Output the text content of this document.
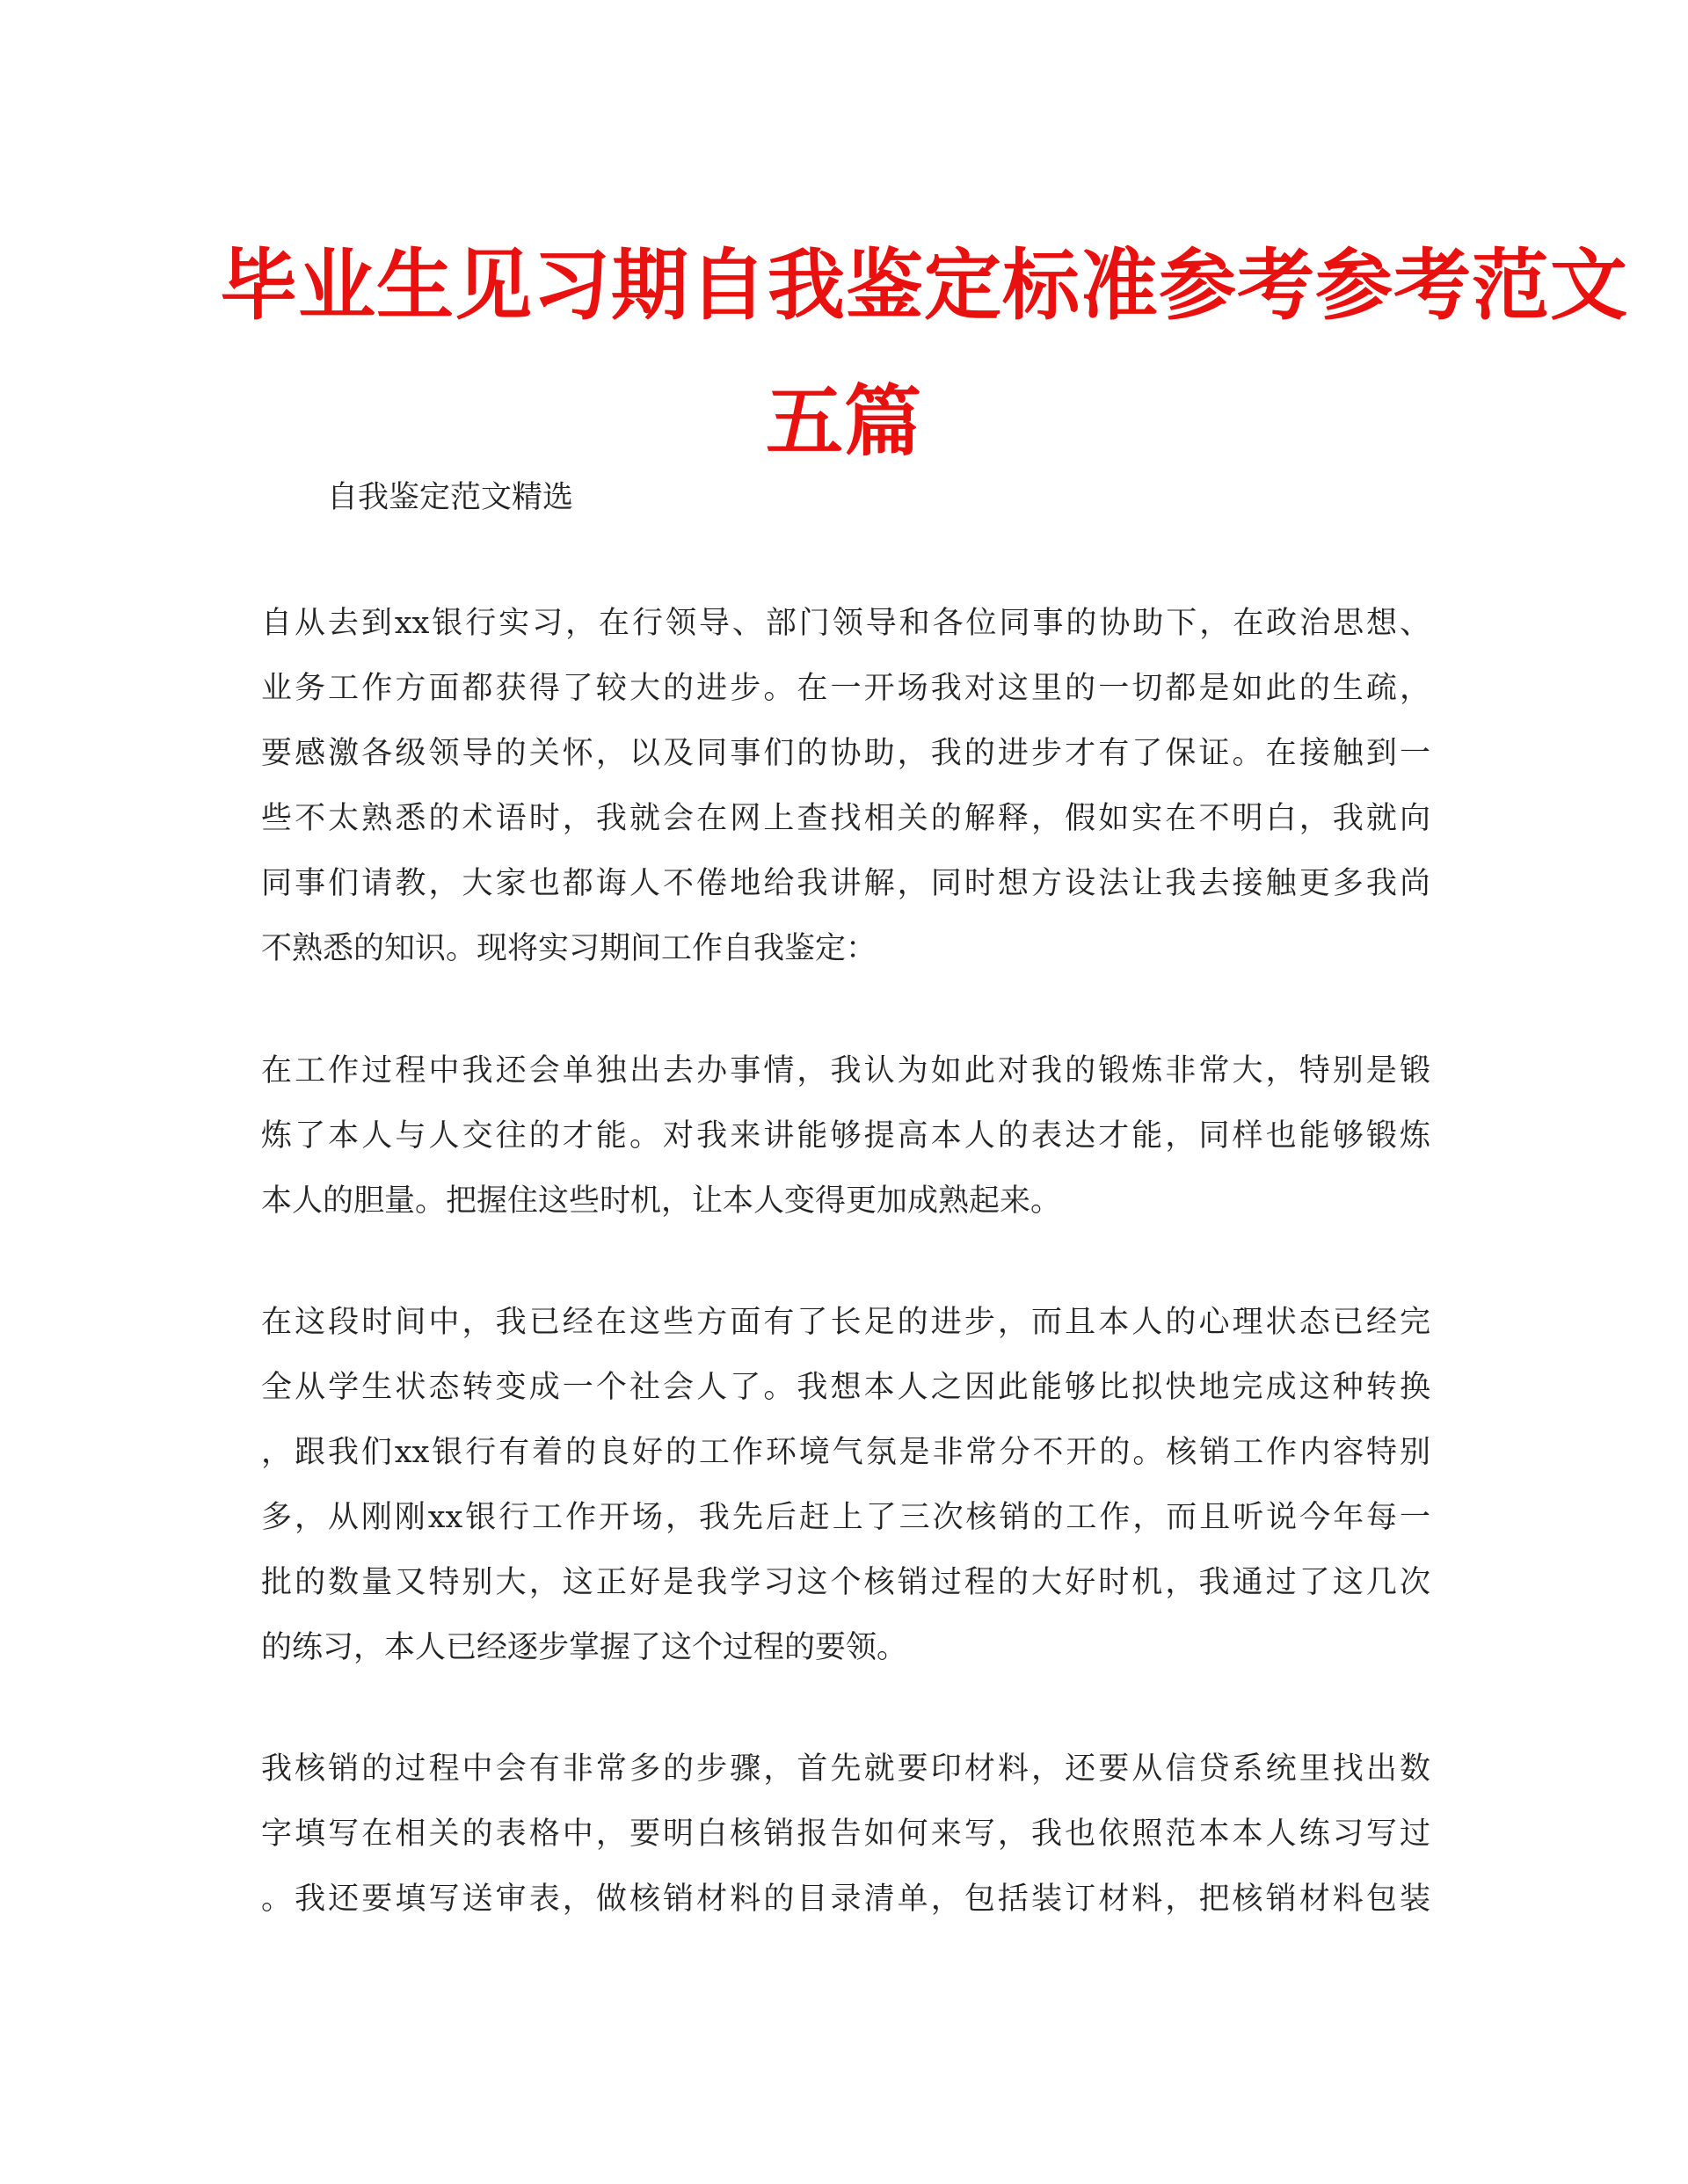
毕业生见习期自我鉴定标准参考参考范文
五篇
自我鉴定范文精选
自从去到xx银行实习，在行领导、部门领导和各位同事的协助下，在政治思想、
业务工作方面都获得了较大的进步。在一开场我对这里的一切都是如此的生疏，
要感激各级领导的关怀，以及同事们的协助，我的进步才有了保证。在接触到一
些不太熟悉的术语时，我就会在网上查找相关的解释，假如实在不明白，我就向
同事们请教，大家也都诲人不倦地给我讲解，同时想方设法让我去接触更多我尚
不熟悉的知识。现将实习期间工作自我鉴定：
在工作过程中我还会单独出去办事情，我认为如此对我的锻炼非常大，特别是锻
炼了本人与人交往的才能。对我来讲能够提高本人的表达才能，同样也能够锻炼
本人的胆量。把握住这些时机，让本人变得更加成熟起来。
在这段时间中，我已经在这些方面有了长足的进步，而且本人的心理状态已经完
全从学生状态转变成一个社会人了。我想本人之因此能够比拟快地完成这种转换
，跟我们xx银行有着的良好的工作环境气氛是非常分不开的。核销工作内容特别
多，从刚刚xx银行工作开场，我先后赶上了三次核销的工作，而且听说今年每一
批的数量又特别大，这正好是我学习这个核销过程的大好时机，我通过了这几次
的练习，本人已经逐步掌握了这个过程的要领。
我核销的过程中会有非常多的步骤，首先就要印材料，还要从信贷系统里找出数
字填写在相关的表格中，要明白核销报告如何来写，我也依照范本本人练习写过
。我还要填写送审表，做核销材料的目录清单，包括装订材料，把核销材料包装
